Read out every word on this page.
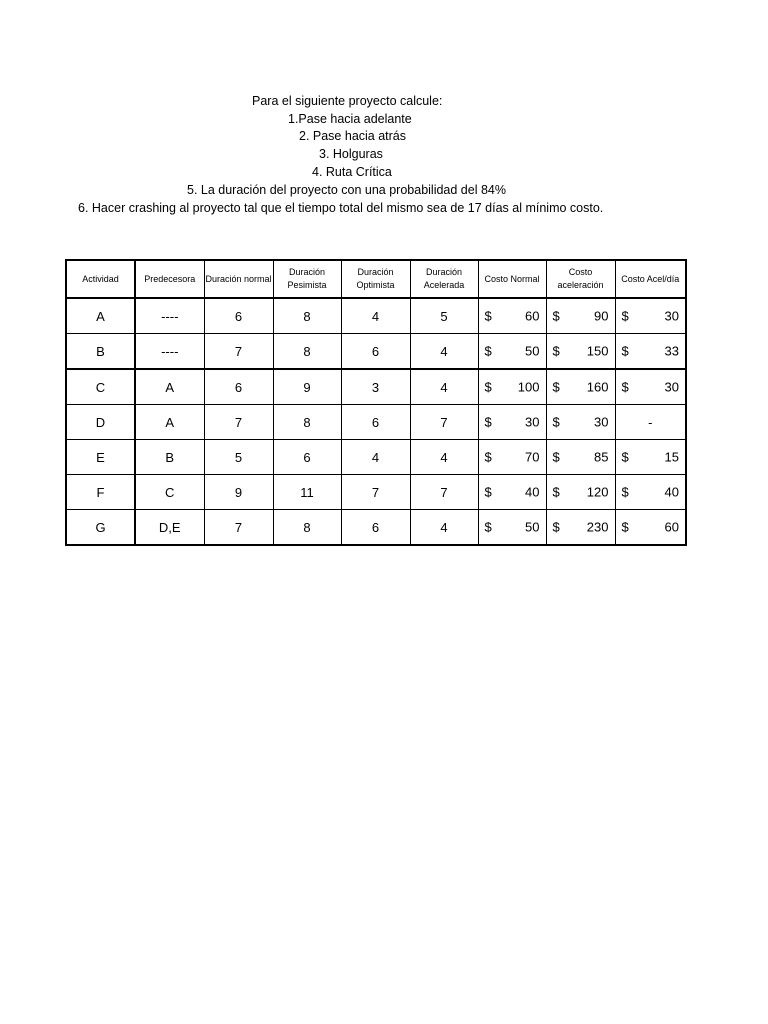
Para el siguiente proyecto calcule:
1.Pase hacia adelante
2. Pase hacia atrás
3. Holguras
4. Ruta Crítica
5. La duración del proyecto con una probabilidad del 84%
6. Hacer crashing al proyecto tal que el tiempo total del mismo sea de 17 días al mínimo costo.
Actividad	Predecesora	Duración normal	Duración Pesimista	Duración Optimista	Duración Acelerada	Costo Normal	Costo aceleración	Costo Acel/día
A	----	6	8	4	5	$ 60	$ 90	$ 30

B	----	7	8	6	4	$ 50	$ 150	$ 33

C	A	6	9	3	4	$ 100	$ 160	$ 30

D	A	7	8	6	7	$ 30	$ 30	-
E	B	5	6	4	4	$ 70	$ 85	$ 15

F	C	9	11	7	7	$ 40	$ 120	$ 40

G	D,E	7	8	6	4	$ 50	$ 230	$ 60
